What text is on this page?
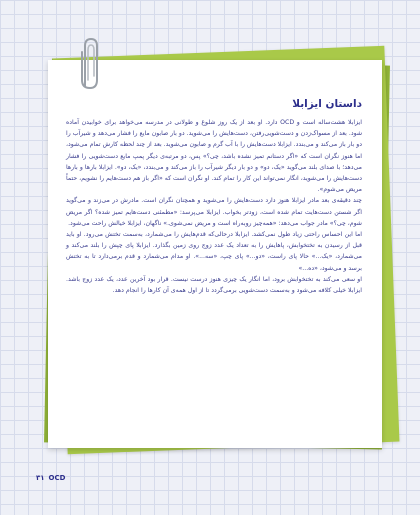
داستان ایزابلا

ایزابلا هشت‌ساله است و OCD دارد. او بعد از یک روز شلوغ و طولانی در مدرسه می‌خواهد برای خوابیدن آماده شود. بعد از مسواک‌زدن و دست‌شویی‌رفتن، دست‌هایش را می‌شوید. دو بار صابون مایع را فشار می‌دهد و شیرآب را دو بار باز می‌کند و می‌بندد. ایزابلا دست‌هایش را با آب گرم و صابون می‌شوید. بعد از چند لحظه کارش تمام می‌شود، اما هنوز نگران است که «اگر دستانم تمیز نشده باشد، چی؟» پس، دو مرتبه‌ی دیگر پمپ مایع دست‌شویی را فشار می‌دهد؛ با صدای بلند می‌گوید «یک، دو» و دو بار دیگر شیرآب را باز می‌کند و می‌بندد، «یک، دو». ایزابلا بارها و بارها دست‌هایش را می‌شوید، انگار نمی‌تواند این کار را تمام کند. او نگران است که «اگر باز هم دست‌هایم را نشویم، حتماً مریض می‌شوم».

چند دقیقه‌ی بعد مادر ایزابلا هنوز دارد دست‌هایش را می‌شوید و همچنان نگران است. مادرش در می‌زند و می‌گوید اگر شستن دست‌هایت تمام شده است، زودتر بخواب. ایزابلا می‌پرسد: «مطمئنی دست‌هایم تمیز شده؟ اگر مریض شوم، چی؟» مادر جواب می‌دهد: «همه‌چیز روبه‌راه است و مریض نمی‌شوی.» ناگهان، ایزابلا خیالش راحت می‌شود.

اما این احساس راحتی زیاد طول نمی‌کشد. ایزابلا درحالی‌که قدم‌هایش را می‌شمارد، به‌سمت تختش می‌رود. او باید قبل از رسیدن به تختخوابش، پاهایش را به تعداد یک عدد زوج روی زمین بگذارد. ایزابلا پای چپش را بلند می‌کند و می‌شمارد، «یک...» حالا پای راست، «دو...» پای چپ، «سه...». او مدام می‌شمارد و قدم برمی‌دارد تا به تختش برسد و می‌شود، «ده...»

او سعی می‌کند به تختخوابش برود، اما انگار یک چیزی هنوز درست نیست. قرار بود آخرین عدد، یک عدد زوج باشد. ایزابلا خیلی کلافه می‌شود و به‌سمت دست‌شویی برمی‌گردد تا از اول همه‌ی آن کارها را انجام دهد.

۳۱ OCD
